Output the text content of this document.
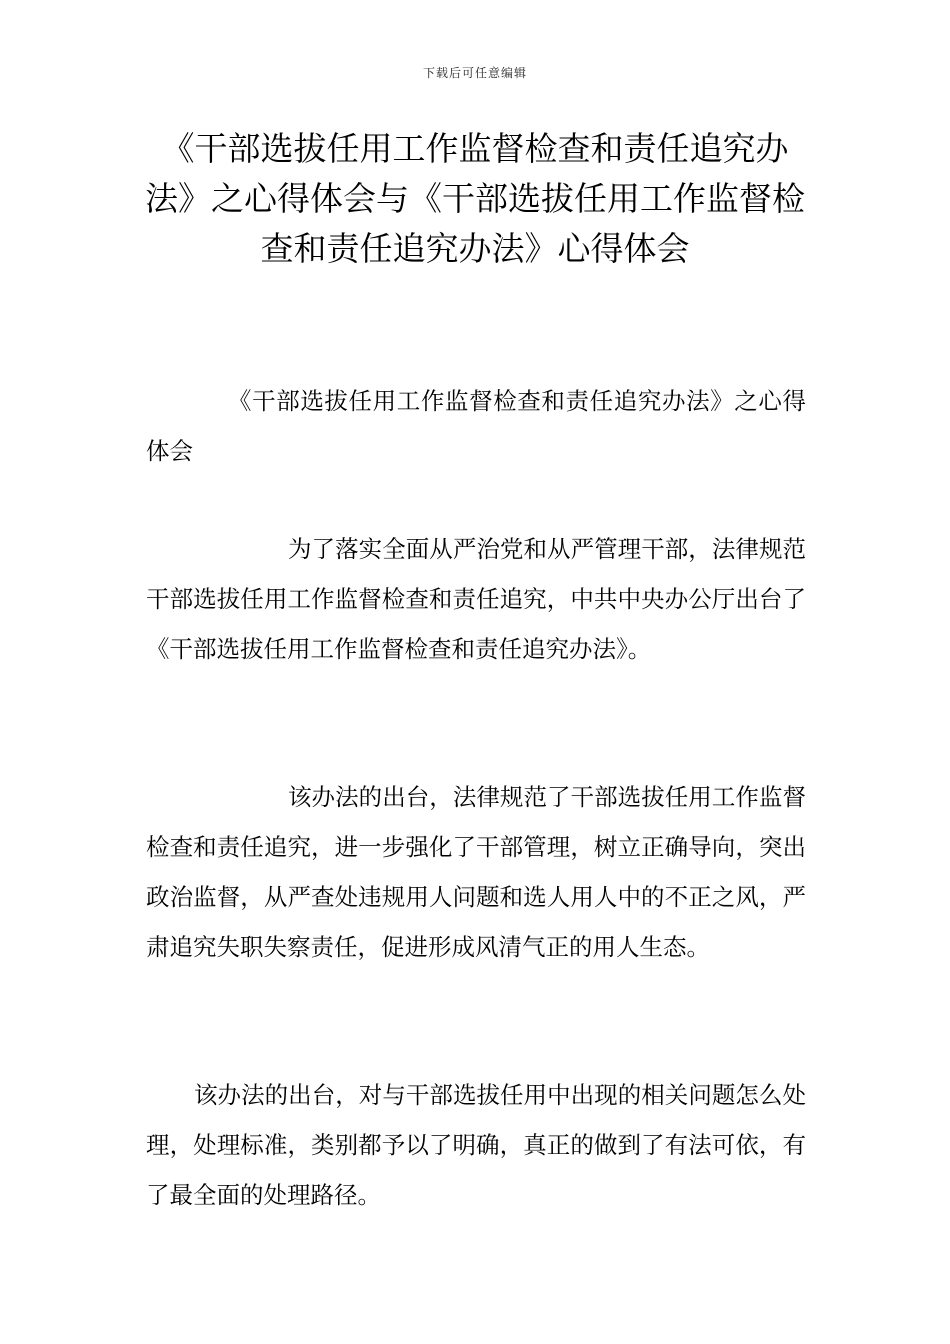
下载后可任意编辑
《干部选拔任用工作监督检查和责任追究办法》之心得体会与《干部选拔任用工作监督检查和责任追究办法》心得体会

《干部选拔任用工作监督检查和责任追究办法》之心得体会

为了落实全面从严治党和从严管理干部，法律规范干部选拔任用工作监督检查和责任追究，中共中央办公厅出台了《干部选拔任用工作监督检查和责任追究办法》。

该办法的出台，法律规范了干部选拔任用工作监督检查和责任追究，进一步强化了干部管理，树立正确导向，突出政治监督，从严查处违规用人问题和选人用人中的不正之风，严肃追究失职失察责任，促进形成风清气正的用人生态。

该办法的出台，对与干部选拔任用中出现的相关问题怎么处理，处理标准，类别都予以了明确，真正的做到了有法可依，有了最全面的处理路径。
